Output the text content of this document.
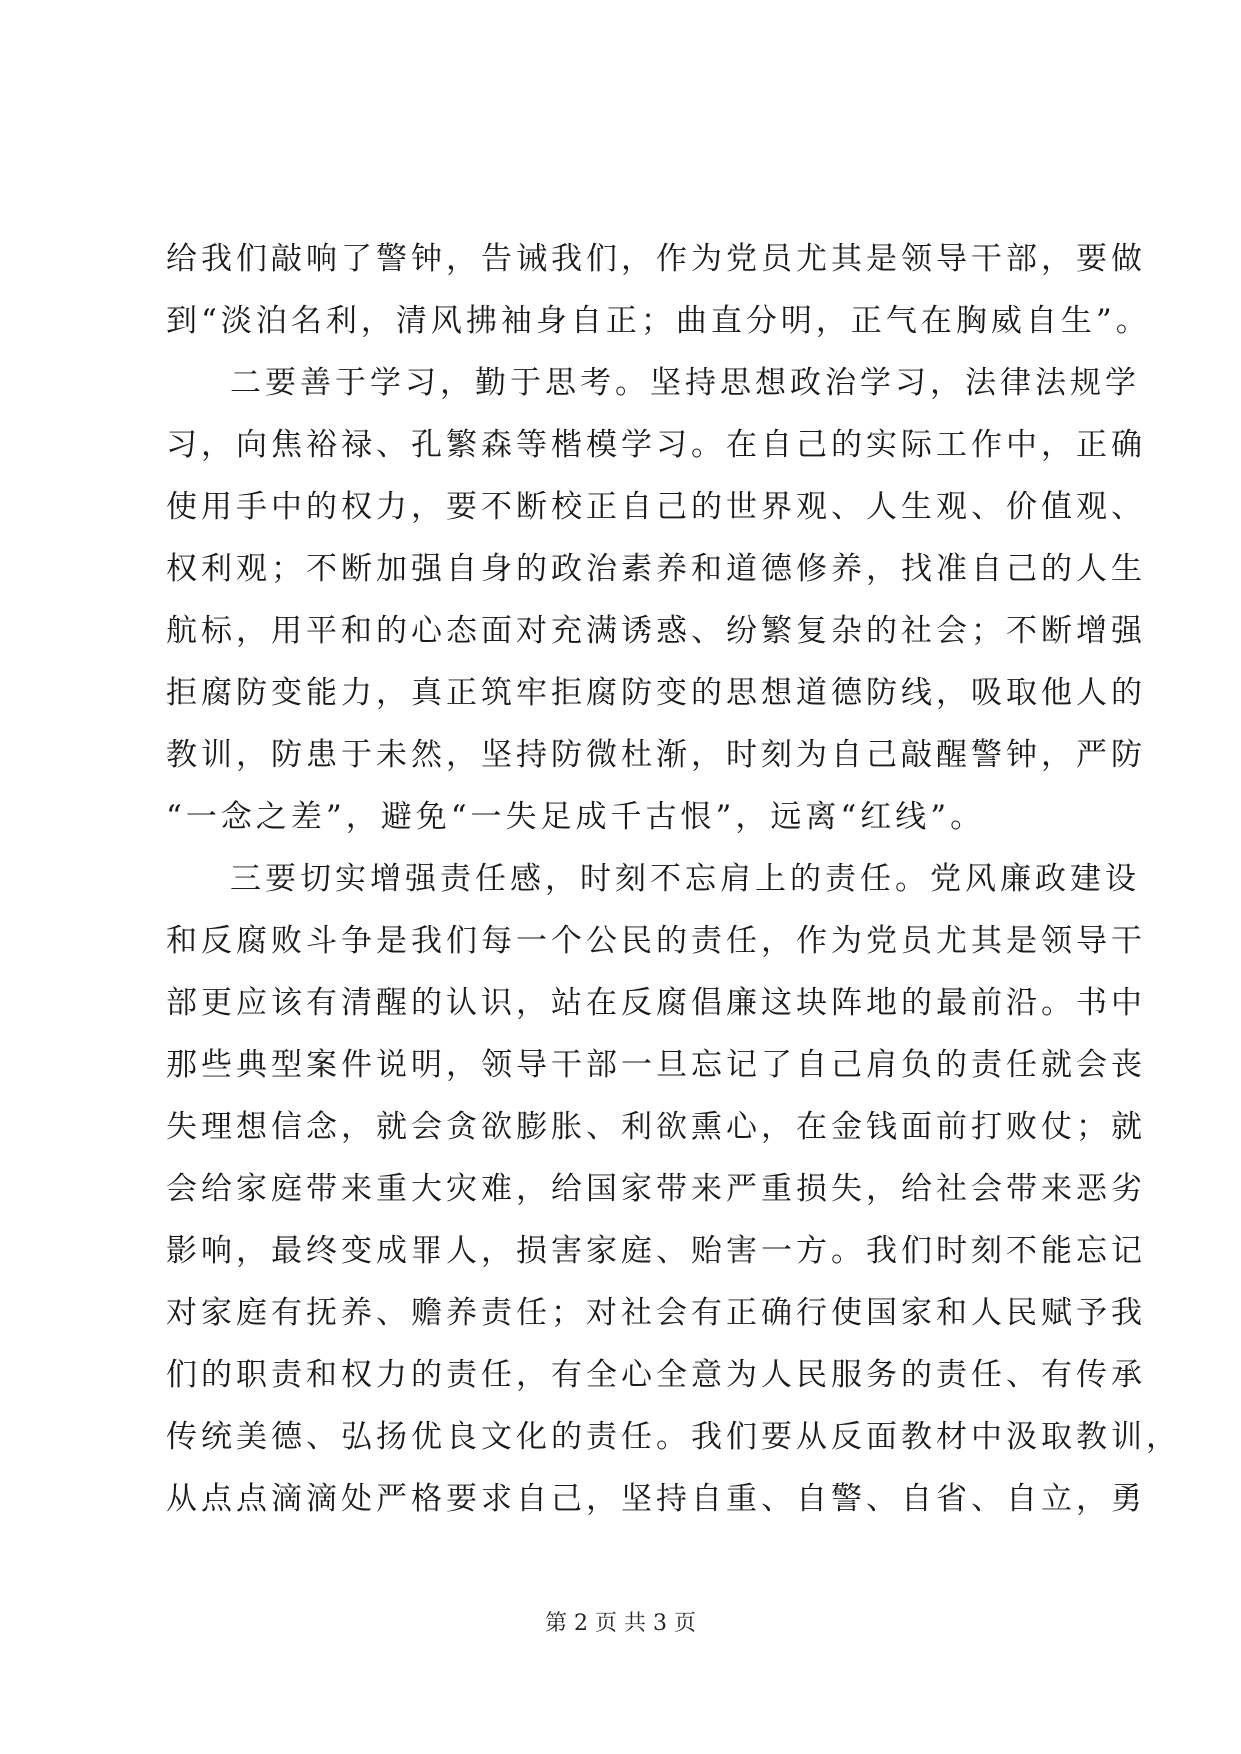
给我们敲响了警钟，告诫我们，作为党员尤其是领导干部，要做
到“淡泊名利，清风拂袖身自正；曲直分明，正气在胸威自生”。
二要善于学习，勤于思考。坚持思想政治学习，法律法规学
习，向焦裕禄、孔繁森等楷模学习。在自己的实际工作中，正确
使用手中的权力，要不断校正自己的世界观、人生观、价值观、
权利观；不断加强自身的政治素养和道德修养，找准自己的人生
航标，用平和的心态面对充满诱惑、纷繁复杂的社会；不断增强
拒腐防变能力，真正筑牢拒腐防变的思想道德防线，吸取他人的
教训，防患于未然，坚持防微杜渐，时刻为自己敲醒警钟，严防
“一念之差”，避免“一失足成千古恨”，远离“红线”。
三要切实增强责任感，时刻不忘肩上的责任。党风廉政建设
和反腐败斗争是我们每一个公民的责任，作为党员尤其是领导干
部更应该有清醒的认识，站在反腐倡廉这块阵地的最前沿。书中
那些典型案件说明，领导干部一旦忘记了自己肩负的责任就会丧
失理想信念，就会贪欲膨胀、利欲熏心，在金钱面前打败仗；就
会给家庭带来重大灾难，给国家带来严重损失，给社会带来恶劣
影响，最终变成罪人，损害家庭、贻害一方。我们时刻不能忘记
对家庭有抚养、赡养责任；对社会有正确行使国家和人民赋予我
们的职责和权力的责任，有全心全意为人民服务的责任、有传承
传统美德、弘扬优良文化的责任。我们要从反面教材中汲取教训，
从点点滴滴处严格要求自己，坚持自重、自警、自省、自立，勇
第 2 页 共 3 页
